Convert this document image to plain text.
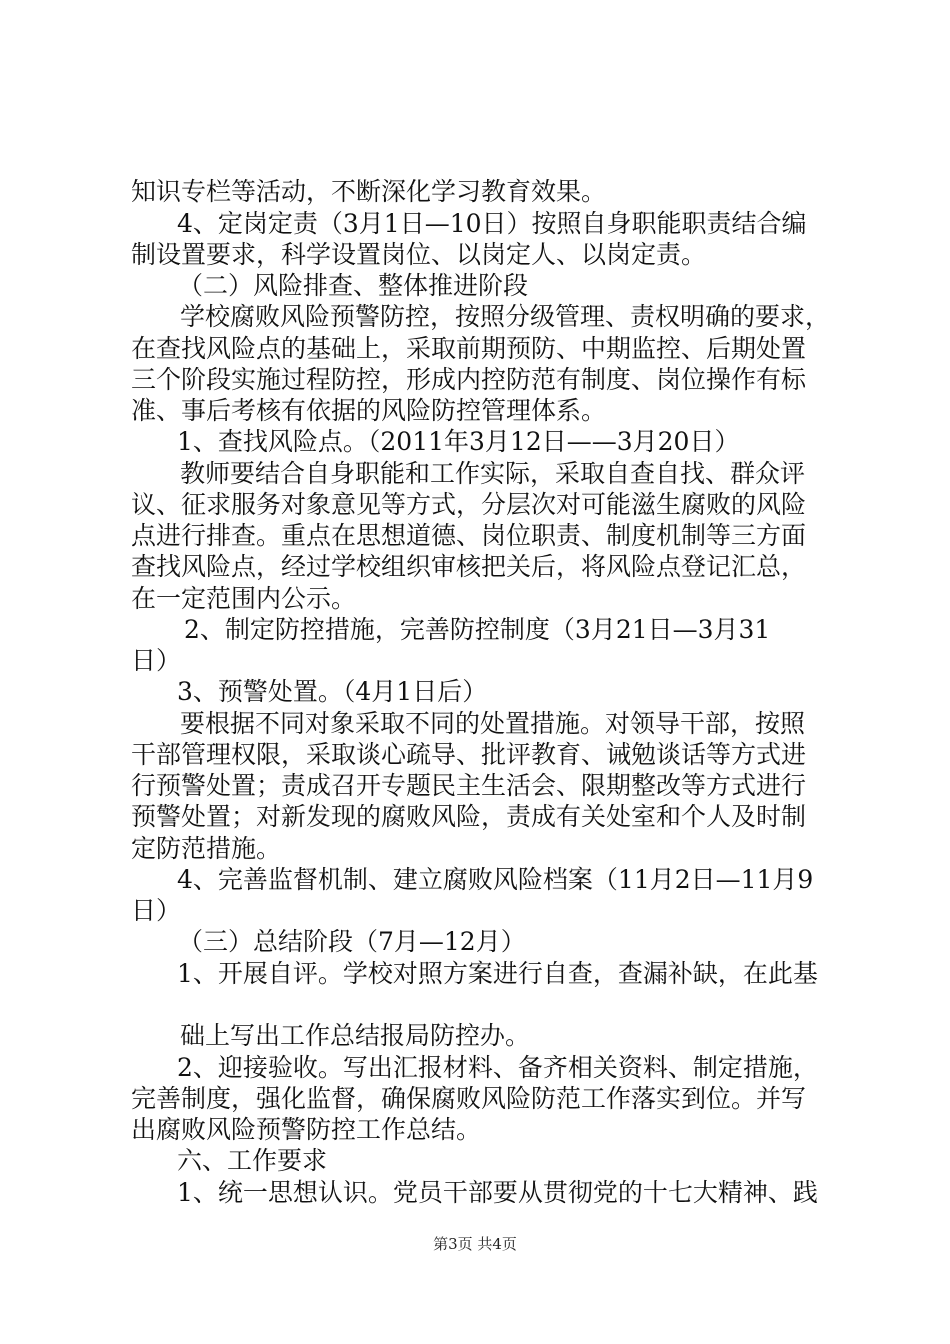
知识专栏等活动，不断深化学习教育效果。
4、定岗定责（3月1日—10日）按照自身职能职责结合编
制设置要求，科学设置岗位、以岗定人、以岗定责。
（二）风险排查、整体推进阶段
学校腐败风险预警防控，按照分级管理、责权明确的要求，
在查找风险点的基础上，采取前期预防、中期监控、后期处置
三个阶段实施过程防控，形成内控防范有制度、岗位操作有标
准、事后考核有依据的风险防控管理体系。
1、查找风险点。（2011年3月12日——3月20日）
教师要结合自身职能和工作实际，采取自查自找、群众评
议、征求服务对象意见等方式，分层次对可能滋生腐败的风险
点进行排查。重点在思想道德、岗位职责、制度机制等三方面
查找风险点，经过学校组织审核把关后，将风险点登记汇总，
在一定范围内公示。
2、制定防控措施，完善防控制度（3月21日—3月31
日）
3、预警处置。（4月1日后）
要根据不同对象采取不同的处置措施。对领导干部，按照
干部管理权限，采取谈心疏导、批评教育、诫勉谈话等方式进
行预警处置；责成召开专题民主生活会、限期整改等方式进行
预警处置；对新发现的腐败风险，责成有关处室和个人及时制
定防范措施。
4、完善监督机制、建立腐败风险档案（11月2日—11月9
日）
（三）总结阶段（7月—12月）
1、开展自评。学校对照方案进行自查，查漏补缺，在此基
础上写出工作总结报局防控办。
2、迎接验收。写出汇报材料、备齐相关资料、制定措施，
完善制度，强化监督，确保腐败风险防范工作落实到位。并写
出腐败风险预警防控工作总结。
六、工作要求
1、统一思想认识。党员干部要从贯彻党的十七大精神、践
第3页 共4页
